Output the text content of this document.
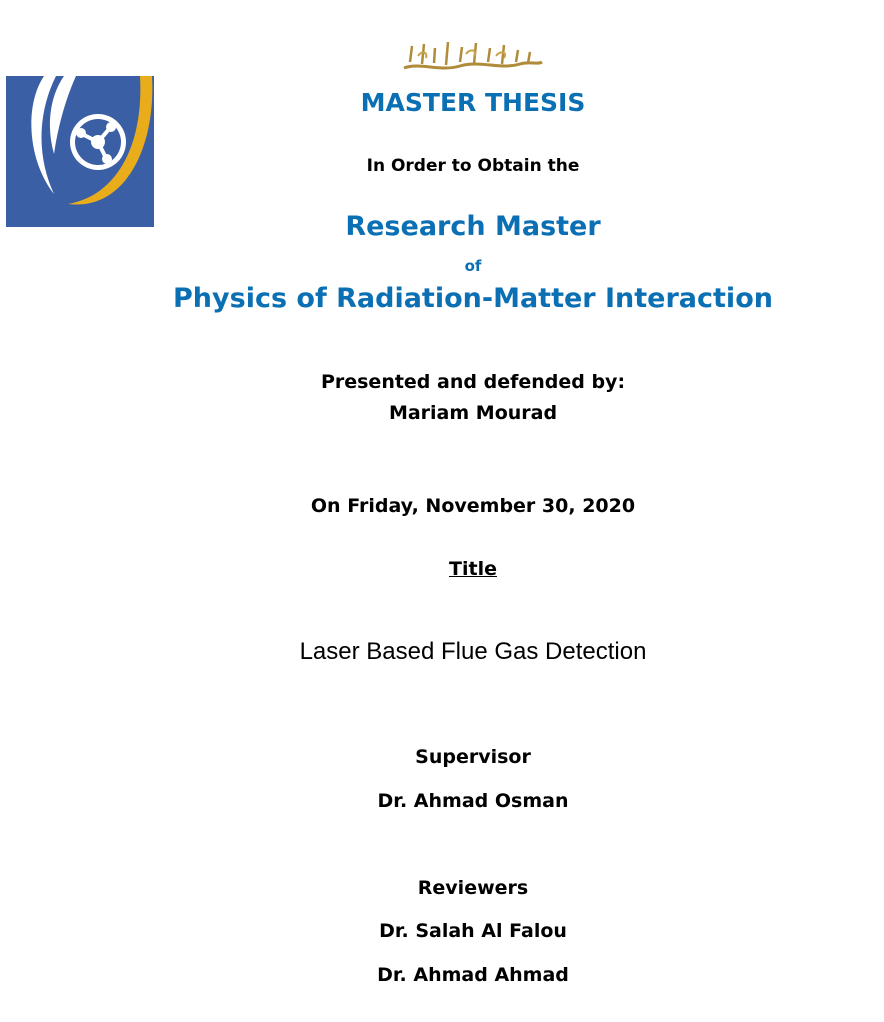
MASTER THESIS
In Order to Obtain the
Research Master
of
Physics of Radiation-Matter Interaction
Presented and defended by:
Mariam Mourad
On Friday, November 30, 2020
Title
Laser Based Flue Gas Detection
Supervisor
Dr. Ahmad Osman
Reviewers
Dr. Salah Al Falou
Dr. Ahmad Ahmad
